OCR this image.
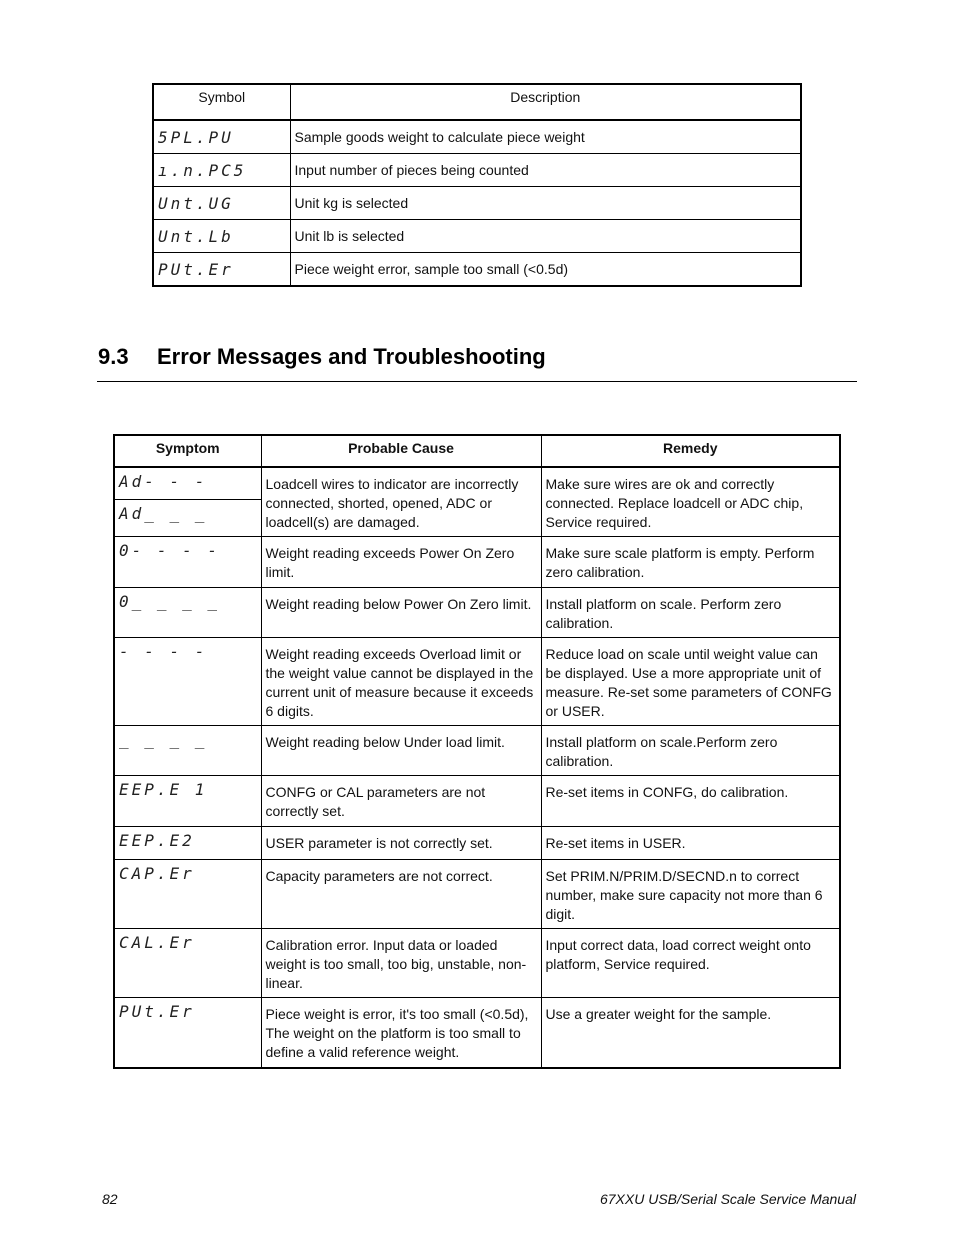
Symbol	Description
5PL.PU	Sample goods weight to calculate piece weight
ı.n.PC5	Input number of pieces being counted
Unt.UG	Unit kg is selected
Unt.Lb	Unit lb is selected
PUt.Er	Piece weight error, sample too small (<0.5d)
9.3 Error Messages and Troubleshooting
Symptom	Probable Cause	Remedy
Ad- - -	Loadcell wires to indicator are incorrectly connected, shorted, opened, ADC or loadcell(s) are damaged.	Make sure wires are ok and correctly connected. Replace loadcell or ADC chip, Service required.
Ad_ _ _		
0- - - -	Weight reading exceeds Power On Zero limit.	Make sure scale platform is empty. Perform zero calibration.
0_ _ _ _	Weight reading below Power On Zero limit.	Install platform on scale. Perform zero calibration.
- - - -	Weight reading exceeds Overload limit or the weight value cannot be displayed in the current unit of measure because it exceeds 6 digits.	Reduce load on scale until weight value can be displayed. Use a more appropriate unit of measure. Re-set some parameters of CONFG or USER.
_ _ _ _	Weight reading below Under load limit.	Install platform on scale.Perform zero calibration.
EEP.E 1	CONFG or CAL parameters are not correctly set.	Re-set items in CONFG, do calibration.
EEP.E2	USER parameter is not correctly set.	Re-set items in USER.
CAP.Er	Capacity parameters are not correct.	Set PRIM.N/PRIM.D/SECND.n to correct number, make sure capacity not more than 6 digit.
CAL.Er	Calibration error. Input data or loaded weight is too small, too big, unstable, non-linear.	Input correct data, load correct weight onto platform, Service required.
PUt.Er	Piece weight is error, it's too small (<0.5d), The weight on the platform is too small to define a valid reference weight.	Use a greater weight for the sample.
82	67XXU USB/Serial Scale Service Manual
